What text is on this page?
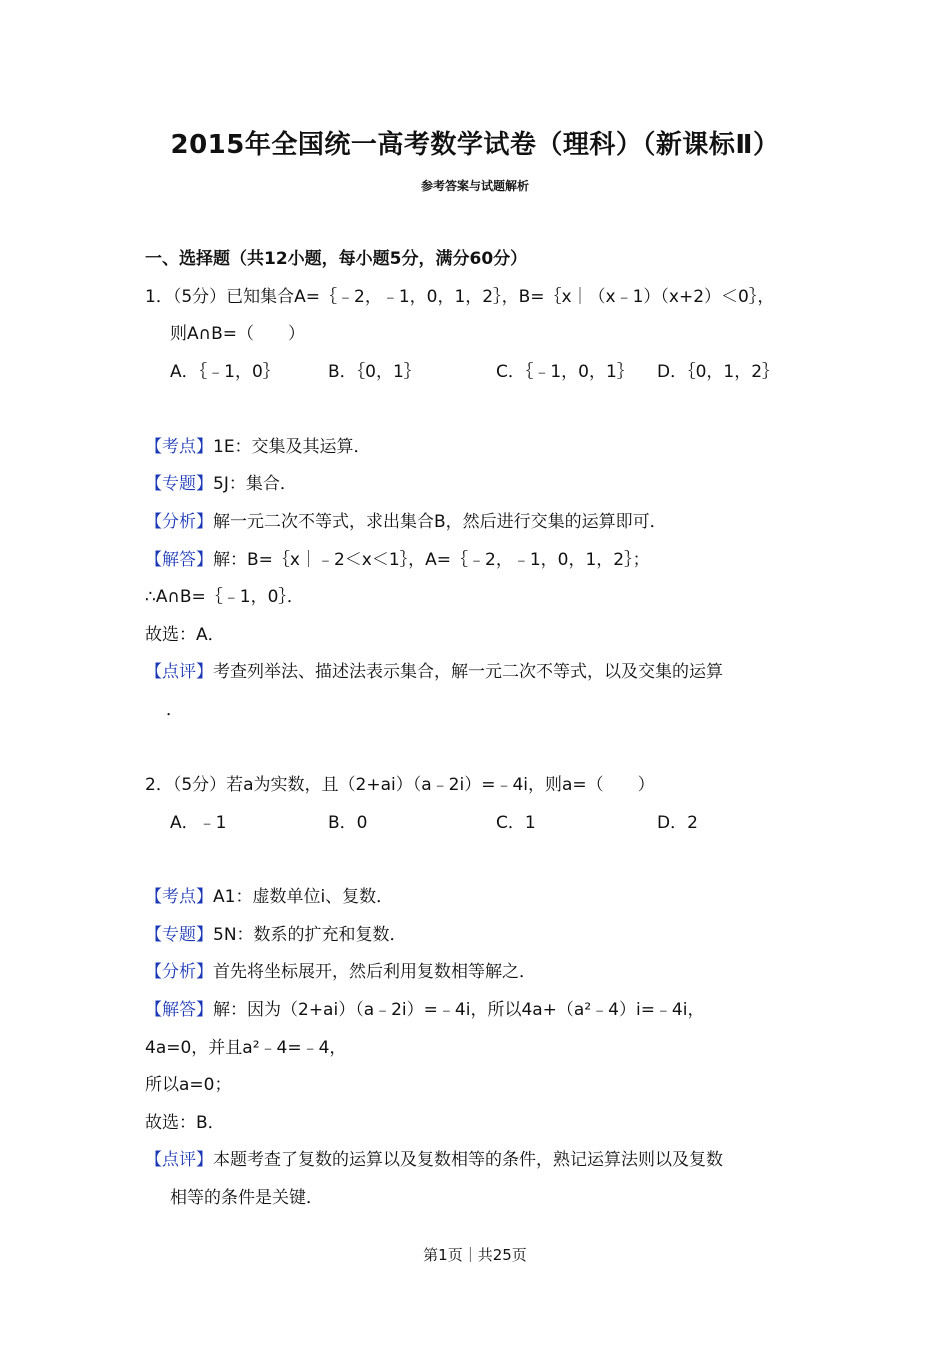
2015年全国统一高考数学试卷（理科）（新课标Ⅱ）
参考答案与试题解析
一、选择题（共12小题，每小题5分，满分60分）
1．（5分）已知集合A=｛﹣2，﹣1，0，1，2｝，B=｛x｜（x﹣1）（x+2）＜0｝，
则A∩B=（　　）
A．｛﹣1，0｝	B．｛0，1｝	C．｛﹣1，0，1｝ D．｛0，1，2｝
【考点】1E：交集及其运算．
【专题】5J：集合．
【分析】解一元二次不等式，求出集合B，然后进行交集的运算即可．
【解答】解：B=｛x｜﹣2＜x＜1｝，A=｛﹣2，﹣1，0，1，2｝；
∴A∩B=｛﹣1，0｝．
故选：A．
【点评】考查列举法、描述法表示集合，解一元二次不等式，以及交集的运算
．
2．（5分）若a为实数，且（2+ai）（a﹣2i）=﹣4i，则a=（　　）
A．﹣1	B．0	C．1	D．2
【考点】A1：虚数单位i、复数．
【专题】5N：数系的扩充和复数．
【分析】首先将坐标展开，然后利用复数相等解之．
【解答】解：因为（2+ai）（a﹣2i）=﹣4i，所以4a+（a²﹣4）i=﹣4i，
4a=0，并且a²﹣4=﹣4，
所以a=0；
故选：B．
【点评】本题考查了复数的运算以及复数相等的条件，熟记运算法则以及复数
相等的条件是关键．
第1页｜共25页
